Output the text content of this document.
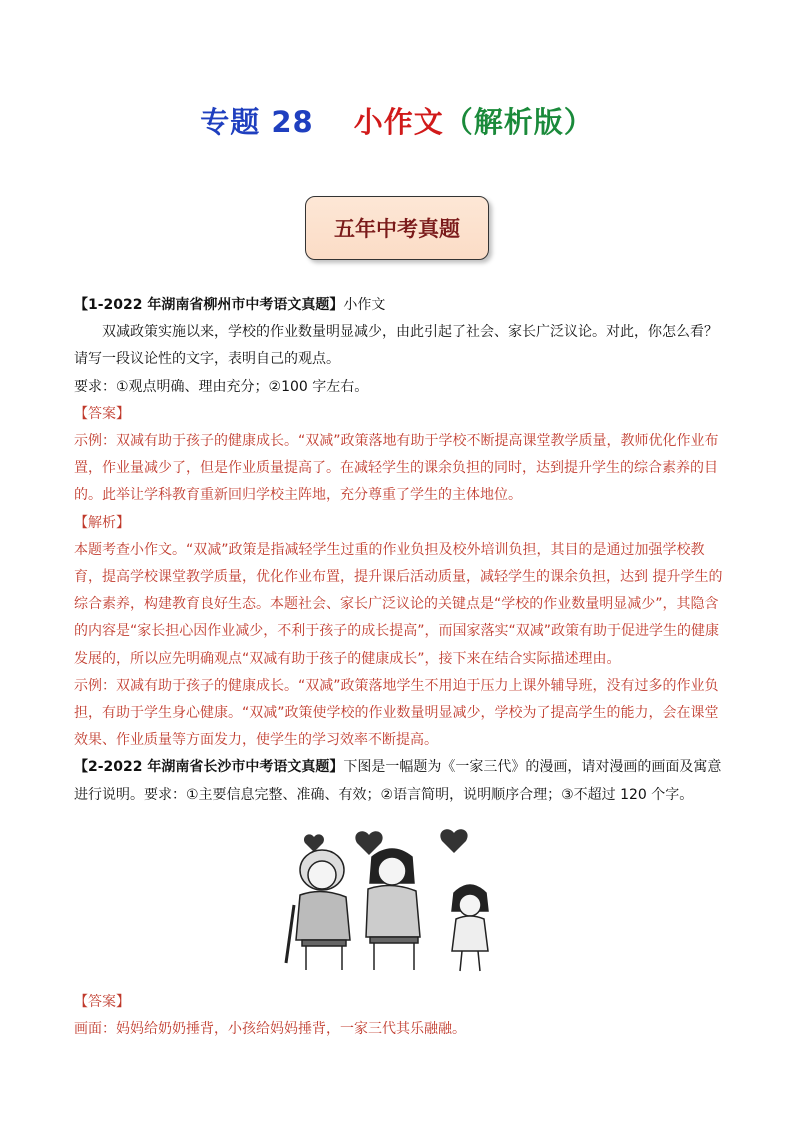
专题 28 小作文（解析版）
五年中考真题

【1-2022 年湖南省柳州市中考语文真题】小作文

双减政策实施以来，学校的作业数量明显减少，由此引起了社会、家长广泛议论。对此，你怎么看？请写一段议论性的文字，表明自己的观点。

要求：①观点明确、理由充分；②100 字左右。

【答案】

示例：双减有助于孩子的健康成长。“双减”政策落地有助于学校不断提高课堂教学质量，教师优化作业布置，作业量减少了，但是作业质量提高了。在减轻学生的课余负担的同时，达到提升学生的综合素养的目的。此举让学科教育重新回归学校主阵地，充分尊重了学生的主体地位。

【解析】

本题考查小作文。“双减”政策是指减轻学生过重的作业负担及校外培训负担，其目的是通过加强学校教育，提高学校课堂教学质量，优化作业布置，提升课后活动质量，减轻学生的课余负担，达到 提升学生的综合素养，构建教育良好生态。本题社会、家长广泛议论的关键点是“学校的作业数量明显减少”，其隐含的内容是“家长担心因作业减少，不利于孩子的成长提高”，而国家落实“双减”政策有助于促进学生的健康发展的，所以应先明确观点“双减有助于孩子的健康成长”，接下来在结合实际描述理由。

示例：双减有助于孩子的健康成长。“双减”政策落地学生不用迫于压力上课外辅导班，没有过多的作业负担，有助于学生身心健康。“双减”政策使学校的作业数量明显减少，学校为了提高学生的能力，会在课堂效果、作业质量等方面发力，使学生的学习效率不断提高。

【2-2022 年湖南省长沙市中考语文真题】下图是一幅题为《一家三代》的漫画，请对漫画的画面及寓意进行说明。要求：①主要信息完整、准确、有效；②语言简明，说明顺序合理；③不超过 120 个字。

【答案】

画面：妈妈给奶奶捶背，小孩给妈妈捶背，一家三代其乐融融。
